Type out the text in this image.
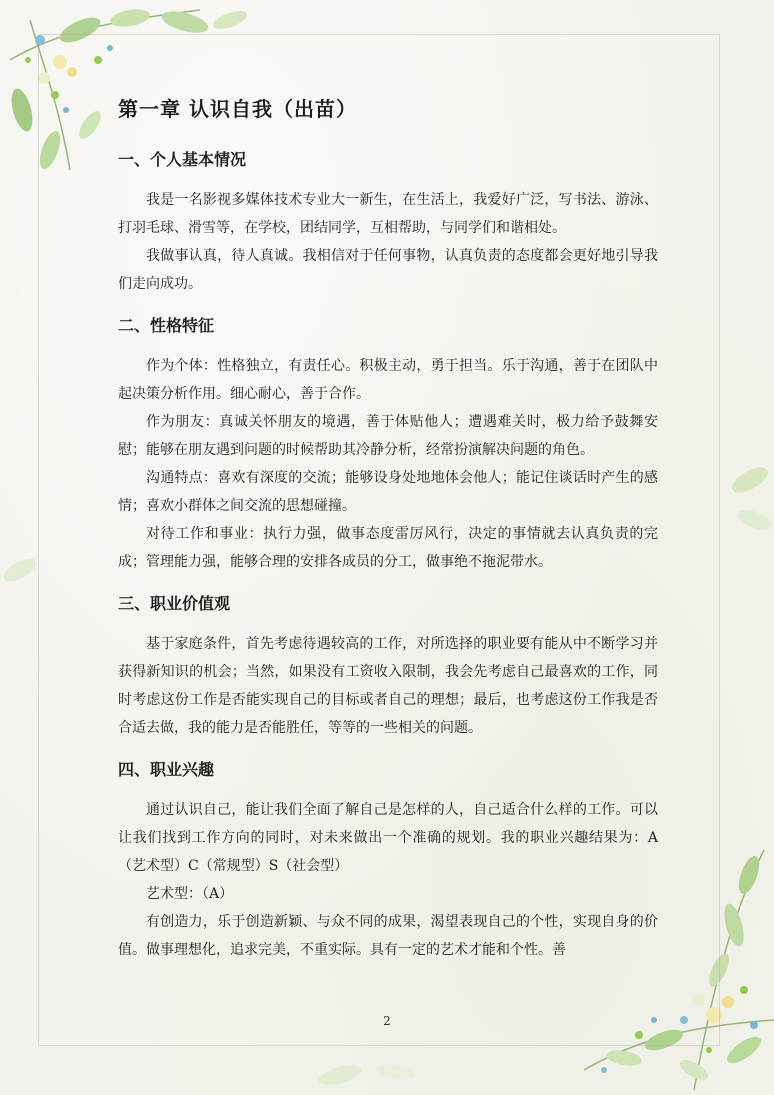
第一章 认识自我（出苗）
一、个人基本情况

我是一名影视多媒体技术专业大一新生，在生活上，我爱好广泛，写书法、游泳、打羽毛球、滑雪等，在学校，团结同学，互相帮助，与同学们和谐相处。

我做事认真，待人真诚。我相信对于任何事物，认真负责的态度都会更好地引导我们走向成功。

二、性格特征

作为个体：性格独立，有责任心。积极主动，勇于担当。乐于沟通，善于在团队中起决策分析作用。细心耐心，善于合作。

作为朋友：真诚关怀朋友的境遇，善于体贴他人；遭遇难关时，极力给予鼓舞安慰；能够在朋友遇到问题的时候帮助其冷静分析，经常扮演解决问题的角色。

沟通特点：喜欢有深度的交流；能够设身处地地体会他人；能记住谈话时产生的感情；喜欢小群体之间交流的思想碰撞。

对待工作和事业：执行力强，做事态度雷厉风行，决定的事情就去认真负责的完成；管理能力强，能够合理的安排各成员的分工，做事绝不拖泥带水。

三、职业价值观

基于家庭条件，首先考虑待遇较高的工作，对所选择的职业要有能从中不断学习并获得新知识的机会；当然，如果没有工资收入限制，我会先考虑自己最喜欢的工作，同时考虑这份工作是否能实现自己的目标或者自己的理想；最后，也考虑这份工作我是否合适去做，我的能力是否能胜任，等等的一些相关的问题。

四、职业兴趣

通过认识自己，能让我们全面了解自己是怎样的人，自己适合什么样的工作。可以让我们找到工作方向的同时，对未来做出一个准确的规划。我的职业兴趣结果为：A（艺术型）C（常规型）S（社会型）

艺术型：（A）

有创造力，乐于创造新颖、与众不同的成果，渴望表现自己的个性，实现自身的价值。做事理想化，追求完美，不重实际。具有一定的艺术才能和个性。善

2
